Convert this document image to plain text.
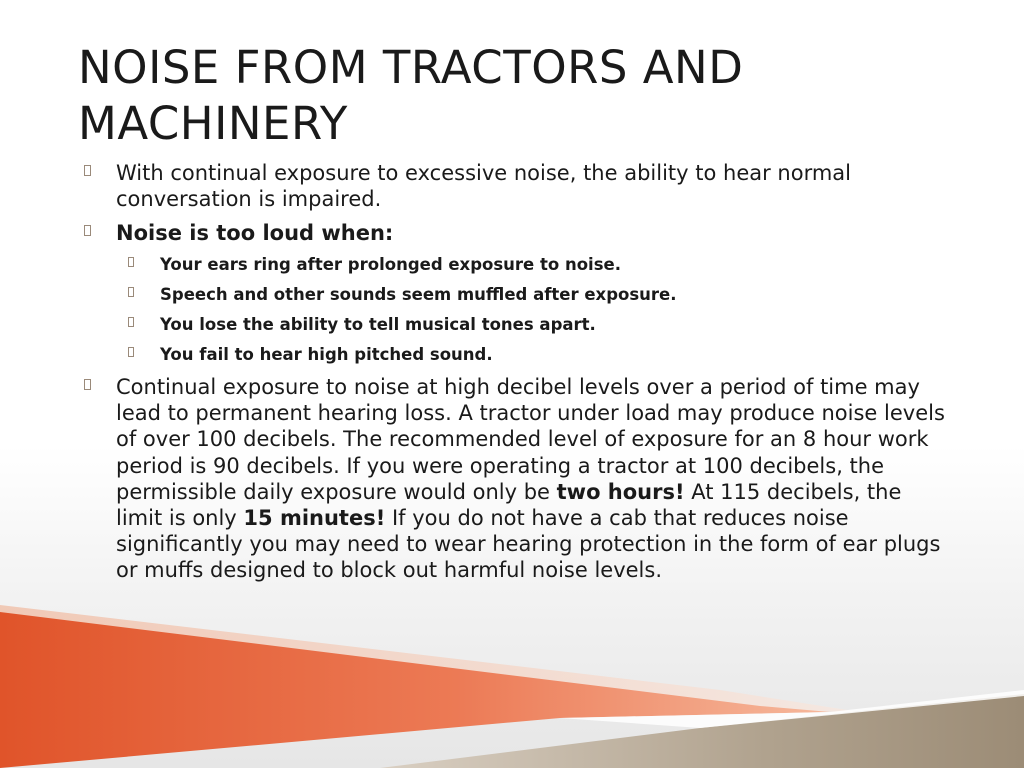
NOISE FROM TRACTORS AND MACHINERY
With continual exposure to excessive noise, the ability to hear normal conversation is impaired.
Noise is too loud when:
Your ears ring after prolonged exposure to noise.
Speech and other sounds seem muffled after exposure.
You lose the ability to tell musical tones apart.
You fail to hear high pitched sound.
Continual exposure to noise at high decibel levels over a period of time may lead to permanent hearing loss. A tractor under load may produce noise levels of over 100 decibels. The recommended level of exposure for an 8 hour work period is 90 decibels. If you were operating a tractor at 100 decibels, the permissible daily exposure would only be two hours! At 115 decibels, the limit is only 15 minutes! If you do not have a cab that reduces noise significantly you may need to wear hearing protection in the form of ear plugs or muffs designed to block out harmful noise levels.
